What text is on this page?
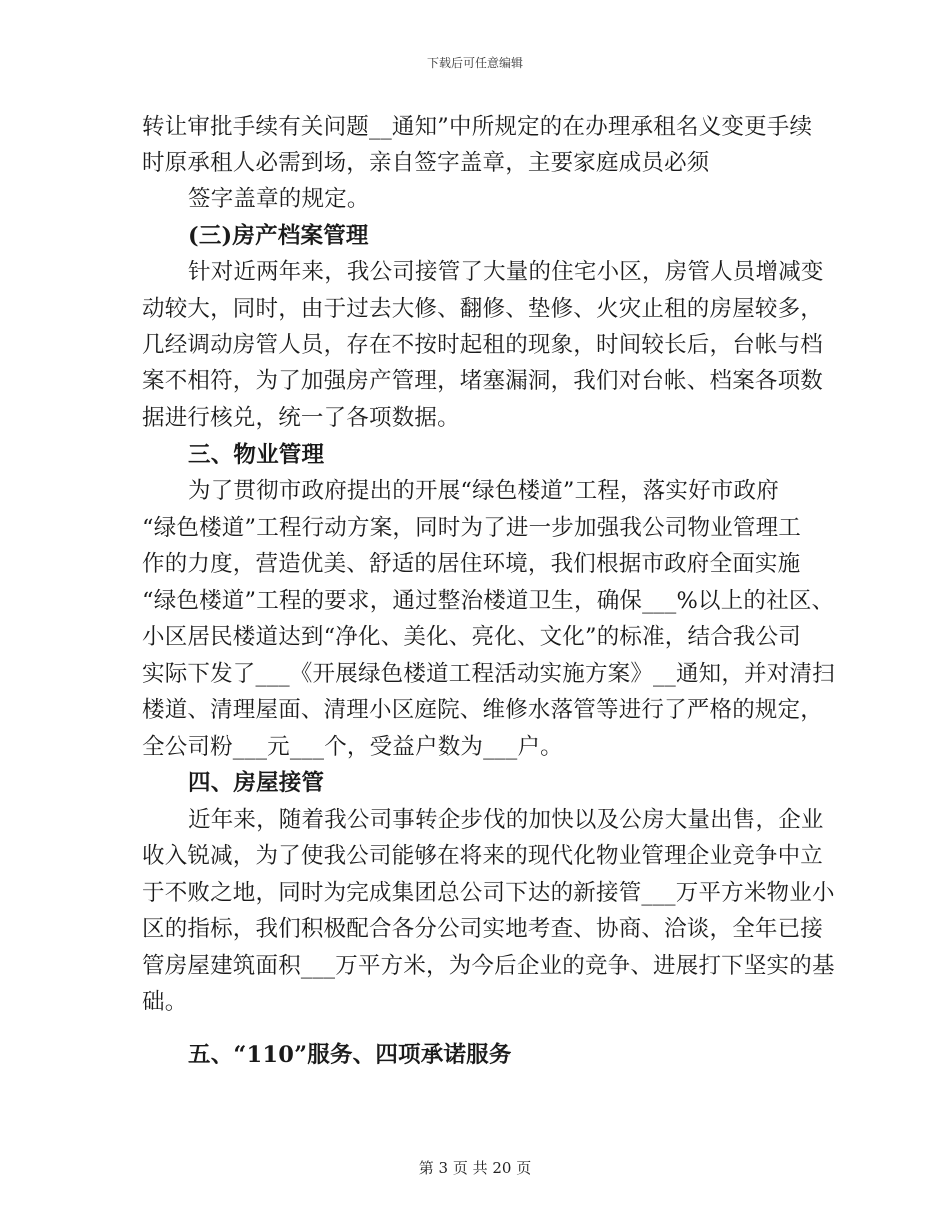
下载后可任意编辑
转让审批手续有关问题__通知”中所规定的在办理承租名义变更手续
时原承租人必需到场，亲自签字盖章，主要家庭成员必须
签字盖章的规定。
(三)房产档案管理
针对近两年来，我公司接管了大量的住宅小区，房管人员增减变
动较大，同时，由于过去大修、翻修、垫修、火灾止租的房屋较多，
几经调动房管人员，存在不按时起租的现象，时间较长后，台帐与档
案不相符，为了加强房产管理，堵塞漏洞，我们对台帐、档案各项数
据进行核兑，统一了各项数据。
三、物业管理
为了贯彻市政府提出的开展“绿色楼道”工程，落实好市政府
“绿色楼道”工程行动方案，同时为了进一步加强我公司物业管理工
作的力度，营造优美、舒适的居住环境，我们根据市政府全面实施
“绿色楼道”工程的要求，通过整治楼道卫生，确保___%以上的社区、
小区居民楼道达到“净化、美化、亮化、文化”的标准，结合我公司
实际下发了___《开展绿色楼道工程活动实施方案》__通知，并对清扫
楼道、清理屋面、清理小区庭院、维修水落管等进行了严格的规定，
全公司粉___元___个，受益户数为___户。
四、房屋接管
近年来，随着我公司事转企步伐的加快以及公房大量出售，企业
收入锐减，为了使我公司能够在将来的现代化物业管理企业竞争中立
于不败之地，同时为完成集团总公司下达的新接管___万平方米物业小
区的指标，我们积极配合各分公司实地考查、协商、洽谈，全年已接
管房屋建筑面积___万平方米，为今后企业的竞争、进展打下坚实的基
础。
五、“110”服务、四项承诺服务
第 3 页 共 20 页
